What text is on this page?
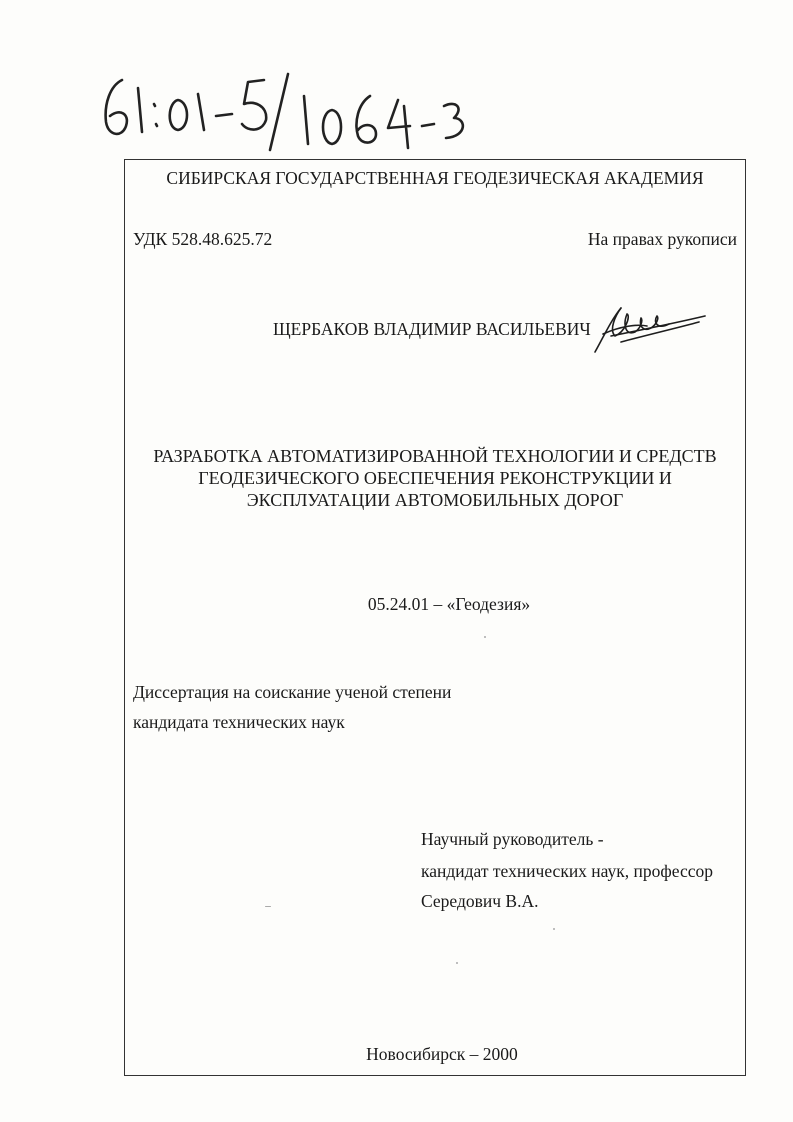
СИБИРСКАЯ ГОСУДАРСТВЕННАЯ ГЕОДЕЗИЧЕСКАЯ АКАДЕМИЯ
УДК 528.48.625.72	На правах рукописи
ЩЕРБАКОВ ВЛАДИМИР ВАСИЛЬЕВИЧ
РАЗРАБОТКА АВТОМАТИЗИРОВАННОЙ ТЕХНОЛОГИИ И СРЕДСТВ
ГЕОДЕЗИЧЕСКОГО ОБЕСПЕЧЕНИЯ РЕКОНСТРУКЦИИ И
ЭКСПЛУАТАЦИИ АВТОМОБИЛЬНЫХ ДОРОГ
05.24.01 – «Геодезия»
Диссертация на соискание ученой степени
кандидата технических наук
Научный руководитель -
кандидат технических наук, профессор
Середович В.А.
Новосибирск – 2000
